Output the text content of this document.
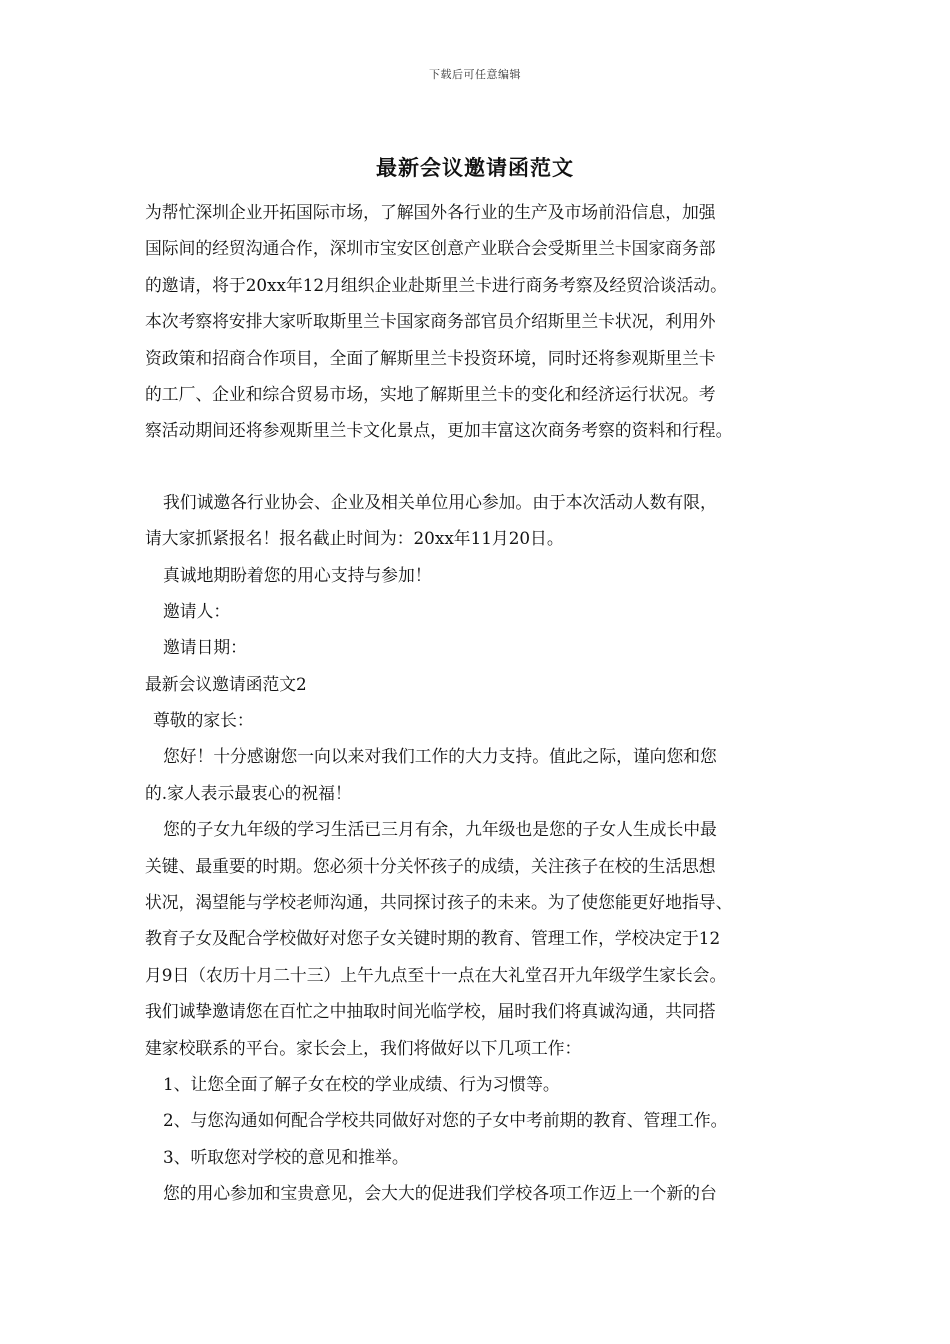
下载后可任意编辑
最新会议邀请函范文
为帮忙深圳企业开拓国际市场，了解国外各行业的生产及市场前沿信息，加强
国际间的经贸沟通合作，深圳市宝安区创意产业联合会受斯里兰卡国家商务部
的邀请，将于20xx年12月组织企业赴斯里兰卡进行商务考察及经贸洽谈活动。
本次考察将安排大家听取斯里兰卡国家商务部官员介绍斯里兰卡状况，利用外
资政策和招商合作项目，全面了解斯里兰卡投资环境，同时还将参观斯里兰卡
的工厂、企业和综合贸易市场，实地了解斯里兰卡的变化和经济运行状况。考
察活动期间还将参观斯里兰卡文化景点，更加丰富这次商务考察的资料和行程。
我们诚邀各行业协会、企业及相关单位用心参加。由于本次活动人数有限，
请大家抓紧报名！报名截止时间为：20xx年11月20日。
真诚地期盼着您的用心支持与参加！
邀请人：
邀请日期：
最新会议邀请函范文2
尊敬的家长：
您好！十分感谢您一向以来对我们工作的大力支持。值此之际，谨向您和您
的.家人表示最衷心的祝福！
您的子女九年级的学习生活已三月有余，九年级也是您的子女人生成长中最
关键、最重要的时期。您必须十分关怀孩子的成绩，关注孩子在校的生活思想
状况，渴望能与学校老师沟通，共同探讨孩子的未来。为了使您能更好地指导、
教育子女及配合学校做好对您子女关键时期的教育、管理工作，学校决定于12
月9日（农历十月二十三）上午九点至十一点在大礼堂召开九年级学生家长会。
我们诚挚邀请您在百忙之中抽取时间光临学校，届时我们将真诚沟通，共同搭
建家校联系的平台。家长会上，我们将做好以下几项工作：
1、让您全面了解子女在校的学业成绩、行为习惯等。
2、与您沟通如何配合学校共同做好对您的子女中考前期的教育、管理工作。
3、听取您对学校的意见和推举。
您的用心参加和宝贵意见，会大大的促进我们学校各项工作迈上一个新的台
